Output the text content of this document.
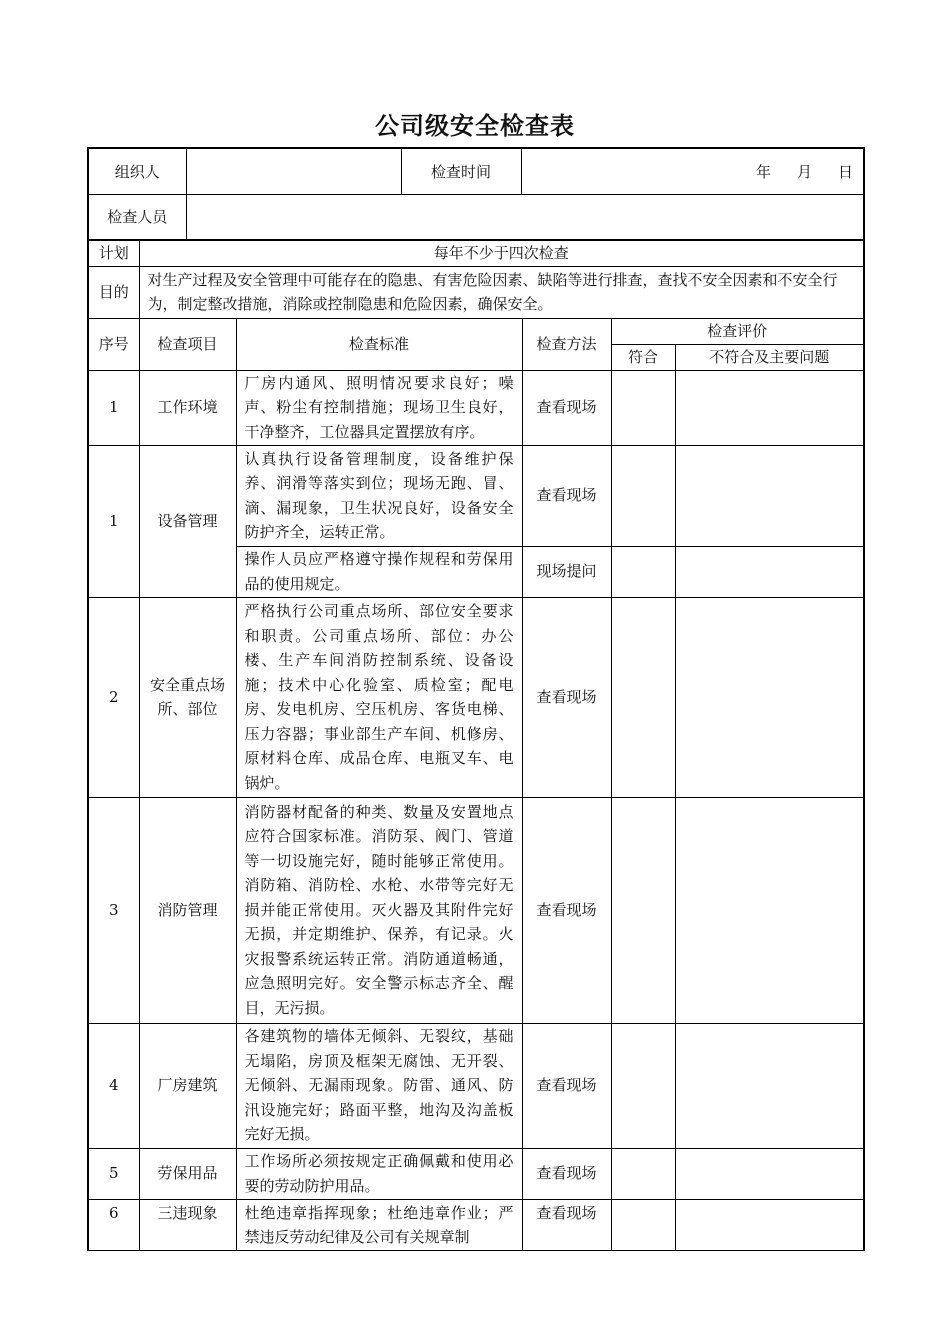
公司级安全检查表
组织人		检查时间	年 月 日
检查人员			
计划	每年不少于四次检查				
目的	对生产过程及安全管理中可能存在的隐患、有害危险因素、缺陷等进行排查，查找不安全因素和不安全行为，制定整改措施，消除或控制隐患和危险因素，确保安全。				
序号	检查项目	检查标准	检查方法	检查评价	
				符合	不符合及主要问题
1	工作环境	厂房内通风、照明情况要求良好；噪声、粉尘有控制措施；现场卫生良好，干净整齐，工位器具定置摆放有序。	查看现场		
1	设备管理	认真执行设备管理制度，设备维护保养、润滑等落实到位；现场无跑、冒、滴、漏现象，卫生状况良好，设备安全防护齐全，运转正常。	查看现场		
		操作人员应严格遵守操作规程和劳保用品的使用规定。	现场提问		
2	安全重点场所、部位	严格执行公司重点场所、部位安全要求和职责。公司重点场所、部位：办公楼、生产车间消防控制系统、设备设施；技术中心化验室、质检室；配电房、发电机房、空压机房、客货电梯、压力容器；事业部生产车间、机修房、原材料仓库、成品仓库、电瓶叉车、电锅炉。	查看现场		
3	消防管理	消防器材配备的种类、数量及安置地点应符合国家标准。消防泵、阀门、管道等一切设施完好，随时能够正常使用。消防箱、消防栓、水枪、水带等完好无损并能正常使用。灭火器及其附件完好无损，并定期维护、保养，有记录。火灾报警系统运转正常。消防通道畅通，应急照明完好。安全警示标志齐全、醒目，无污损。	查看现场		
4	厂房建筑	各建筑物的墙体无倾斜、无裂纹，基础无塌陷，房顶及框架无腐蚀、无开裂、无倾斜、无漏雨现象。防雷、通风、防汛设施完好；路面平整，地沟及沟盖板完好无损。	查看现场		
5	劳保用品	工作场所必须按规定正确佩戴和使用必要的劳动防护用品。	查看现场		
6	三违现象	杜绝违章指挥现象；杜绝违章作业；严禁违反劳动纪律及公司有关规章制	查看现场		
